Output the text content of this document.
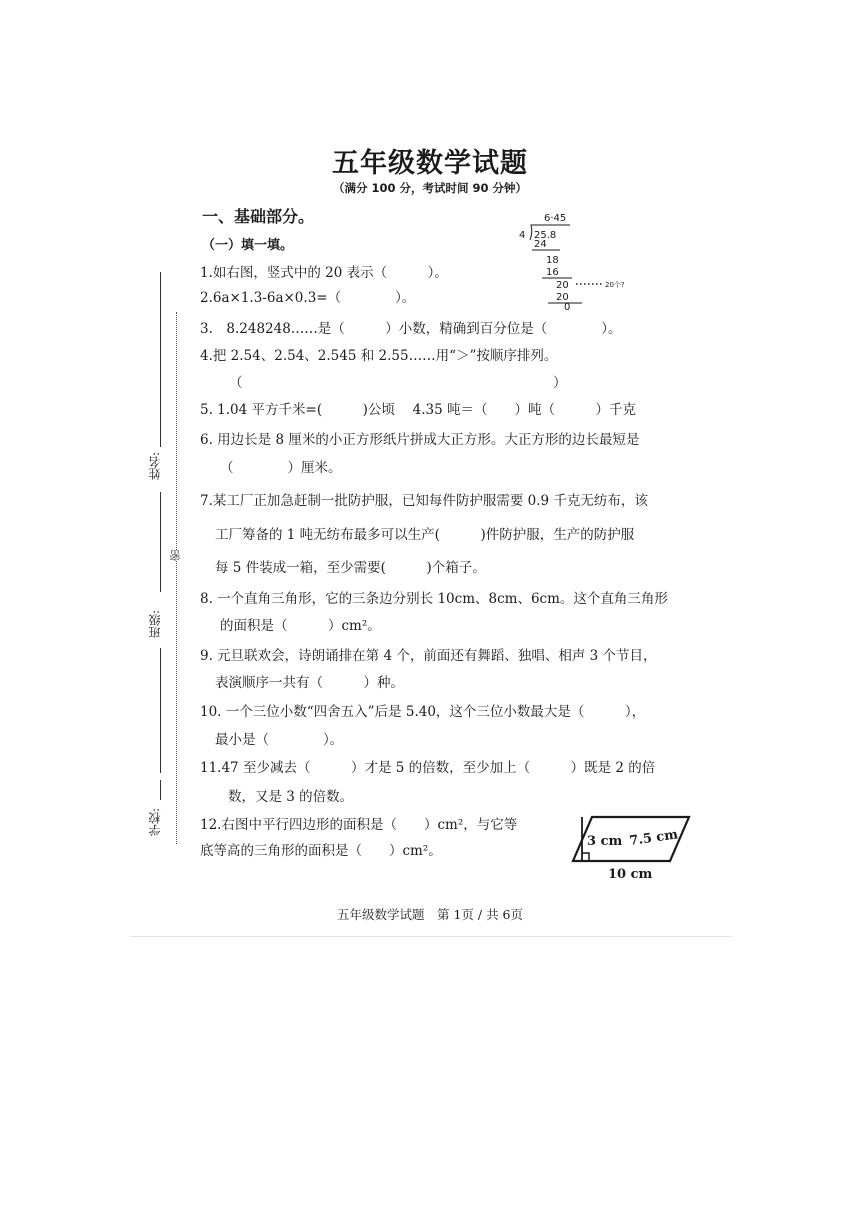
五年级数学试题
（满分 100 分，考试时间 90 分钟）
一、基础部分。
（一）填一填。
姓名:
班级:
学校:
密
6·45
4 25.8
24
18
16
20
20
0
20个?
1.如右图，竖式中的 20 表示（　　　）。
2.6a×1.3-6a×0.3=（　　　　）。
3.　8.248248……是（　　　）小数，精确到百分位是（　　　　）。
4.把 2.54、2.54、2.545 和 2.55……用“＞”按顺序排列。
（　　　　　　　　　　　　　　　　　　　　　　　）
5. 1.04 平方千米=(　　　)公顷　 4.35 吨＝（　　）吨（　　　）千克
6. 用边长是 8 厘米的小正方形纸片拼成大正方形。大正方形的边长最短是
（　　　　）厘米。
7.某工厂正加急赶制一批防护服，已知每件防护服需要 0.9 千克无纺布，该
工厂筹备的 1 吨无纺布最多可以生产(　　　)件防护服，生产的防护服
每 5 件装成一箱，至少需要(　　　)个箱子。
8. 一个直角三角形，它的三条边分别长 10cm、8cm、6cm。这个直角三角形
的面积是（　　　）cm²。
9. 元旦联欢会，诗朗诵排在第 4 个，前面还有舞蹈、独唱、相声 3 个节目，
表演顺序一共有（　　　）种。
10. 一个三位小数“四舍五入”后是 5.40，这个三位小数最大是（　　　），
最小是（　　　　）。
11.47 至少减去（　　　）才是 5 的倍数，至少加上（　　　）既是 2 的倍
数，又是 3 的倍数。
12.右图中平行四边形的面积是（　　）cm²，与它等
底等高的三角形的面积是（　　）cm²。
3 cm 7.5 cm
10 cm
五年级数学试题　第 1页 / 共 6页
